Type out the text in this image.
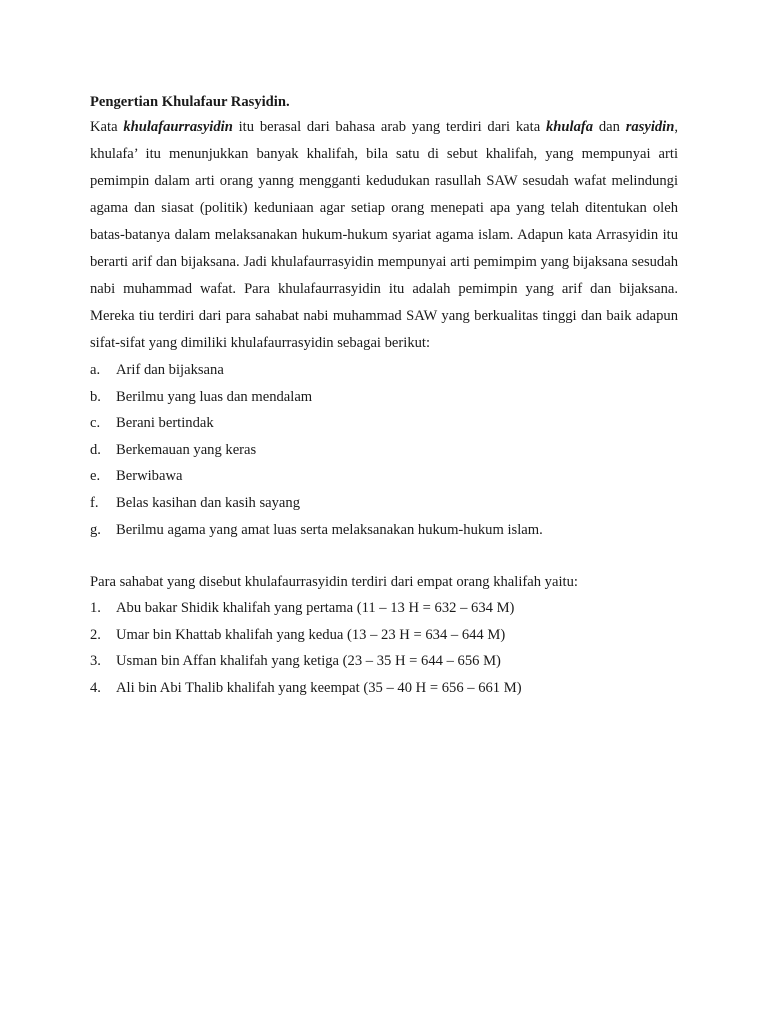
Pengertian Khulafaur Rasyidin.

Kata khulafaurrasyidin itu berasal dari bahasa arab yang terdiri dari kata khulafa dan rasyidin, khulafa’ itu menunjukkan banyak khalifah, bila satu di sebut khalifah, yang mempunyai arti pemimpin dalam arti orang yanng mengganti kedudukan rasullah SAW sesudah wafat melindungi agama dan siasat (politik) keduniaan agar setiap orang menepati apa yang telah ditentukan oleh batas-batanya dalam melaksanakan hukum-hukum syariat agama islam. Adapun kata Arrasyidin itu berarti arif dan bijaksana. Jadi khulafaurrasyidin mempunyai arti pemimpim yang bijaksana sesudah nabi muhammad wafat. Para khulafaurrasyidin itu adalah pemimpin yang arif dan bijaksana. Mereka tiu terdiri dari para sahabat nabi muhammad SAW yang berkualitas tinggi dan baik adapun sifat-sifat yang dimiliki khulafaurrasyidin sebagai berikut:

a. Arif dan bijaksana
b. Berilmu yang luas dan mendalam
c. Berani bertindak
d. Berkemauan yang keras
e. Berwibawa
f. Belas kasihan dan kasih sayang
g. Berilmu agama yang amat luas serta melaksanakan hukum-hukum islam.

Para sahabat yang disebut khulafaurrasyidin terdiri dari empat orang khalifah yaitu:

1. Abu bakar Shidik khalifah yang pertama (11 – 13 H = 632 – 634 M)
2. Umar bin Khattab khalifah yang kedua (13 – 23 H = 634 – 644 M)
3. Usman bin Affan khalifah yang ketiga (23 – 35 H = 644 – 656 M)
4. Ali bin Abi Thalib khalifah yang keempat (35 – 40 H = 656 – 661 M)
